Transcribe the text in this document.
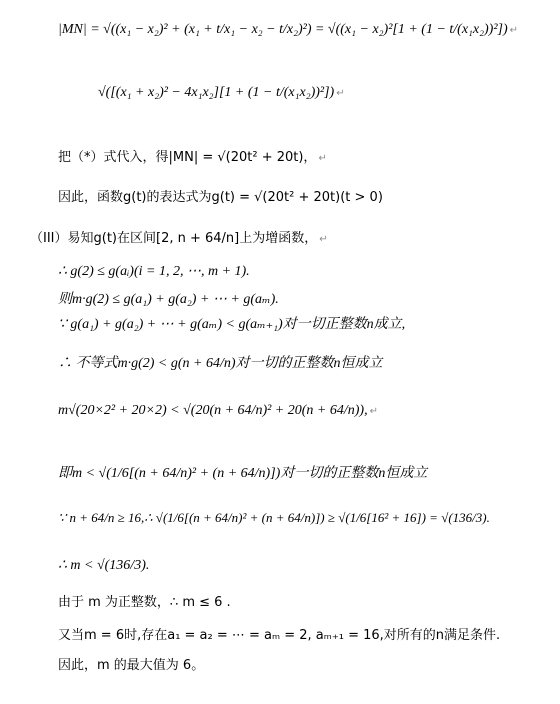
|MN| = √((x₁ − x₂)² + (x₁ + t/x₁ − x₂ − t/x₂)²) = √((x₁ − x₂)²[1 + (1 − t/(x₁x₂))²]) ↵
√([(x₁ + x₂)² − 4x₁x₂][1 + (1 − t/(x₁x₂))²]) ↵
把（*）式代入，得|MN| = √(20t² + 20t)， ↵
因此，函数g(t)的表达式为g(t) = √(20t² + 20t)(t > 0)
（III）易知g(t)在区间[2, n + 64/n]上为增函数， ↵
∴ g(2) ≤ g(aᵢ)(i = 1, 2, ⋯, m + 1).
则m·g(2) ≤ g(a₁) + g(a₂) + ⋯ + g(aₘ).
∵ g(a₁) + g(a₂) + ⋯ + g(aₘ) < g(aₘ₊₁)对一切正整数n成立,
∴ 不等式m·g(2) < g(n + 64/n)对一切的正整数n恒成立
m√(20×2² + 20×2) < √(20(n + 64/n)² + 20(n + 64/n)), ↵
即m < √(1/6[(n + 64/n)² + (n + 64/n)])对一切的正整数n恒成立
∵ n + 64/n ≥ 16,∴ √(1/6[(n + 64/n)² + (n + 64/n)]) ≥ √(1/6[16² + 16]) = √(136/3).
∴ m < √(136/3).
由于 m 为正整数，∴ m ≤ 6 .
又当m = 6时,存在a₁ = a₂ = ⋯ = aₘ = 2, aₘ₊₁ = 16,对所有的n满足条件.
因此，m 的最大值为 6。
